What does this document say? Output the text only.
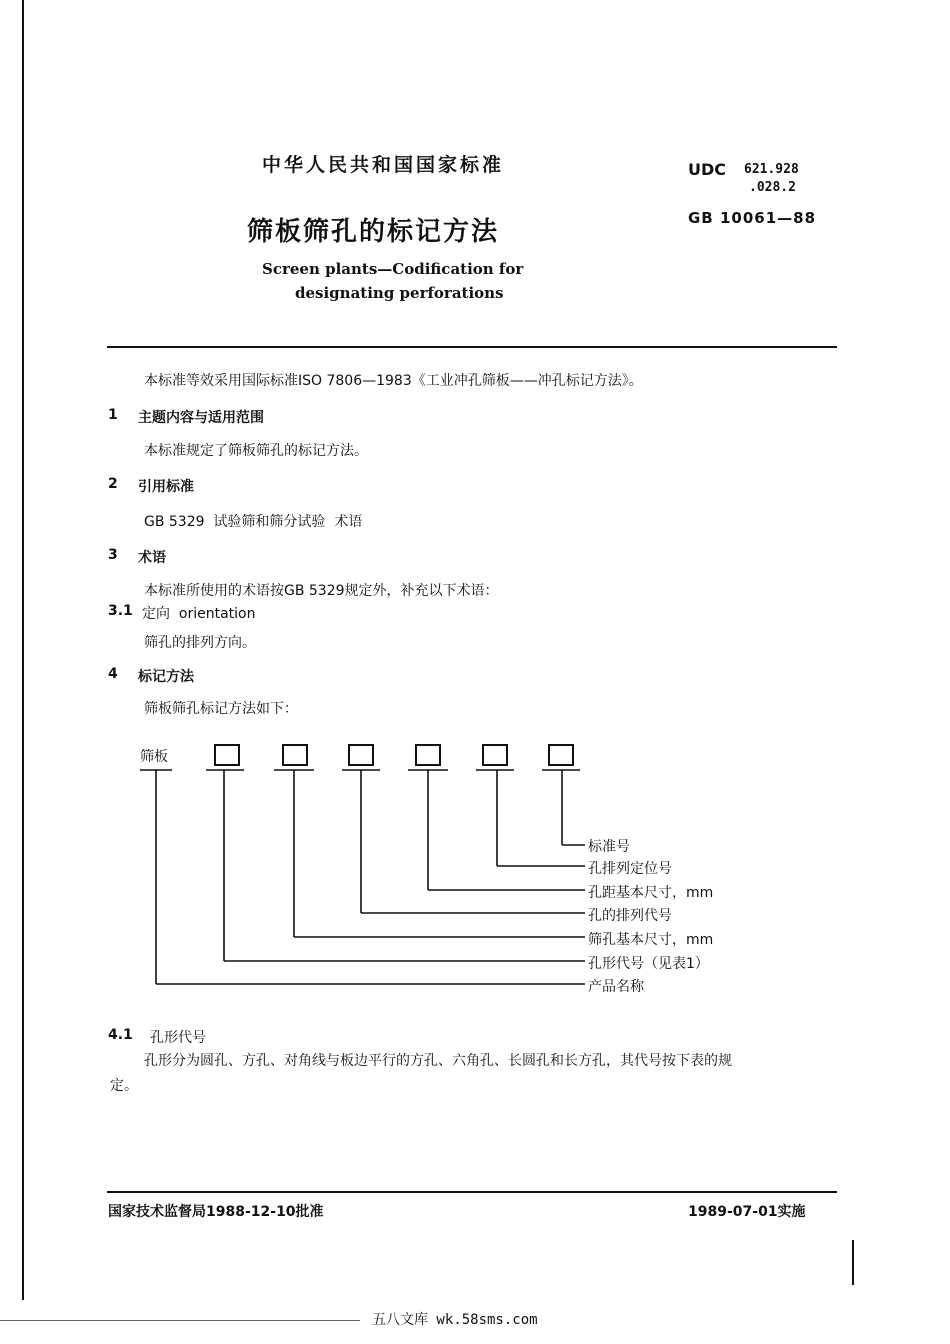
中华人民共和国国家标准	UDC 621.928
.028.2
GB 10061—88
筛板筛孔的标记方法
Screen plants—Codification for
designating perforations
本标准等效采用国际标准ISO 7806—1983《工业冲孔筛板——冲孔标记方法》。
1 主题内容与适用范围
本标准规定了筛板筛孔的标记方法。
2 引用标准
GB 5329  试验筛和筛分试验  术语
3 术语
本标准所使用的术语按GB 5329规定外，补充以下术语：
3.1 定向  orientation
筛孔的排列方向。
4 标记方法
筛板筛孔标记方法如下：
筛板
标准号
孔排列定位号
孔距基本尺寸，mm
孔的排列代号
筛孔基本尺寸，mm
孔形代号（见表1）
产品名称
4.1 孔形代号
孔形分为圆孔、方孔、对角线与板边平行的方孔、六角孔、长圆孔和长方孔，其代号按下表的规
定。
国家技术监督局1988-12-10批准	1989-07-01实施
五八文库 wk.58sms.com
